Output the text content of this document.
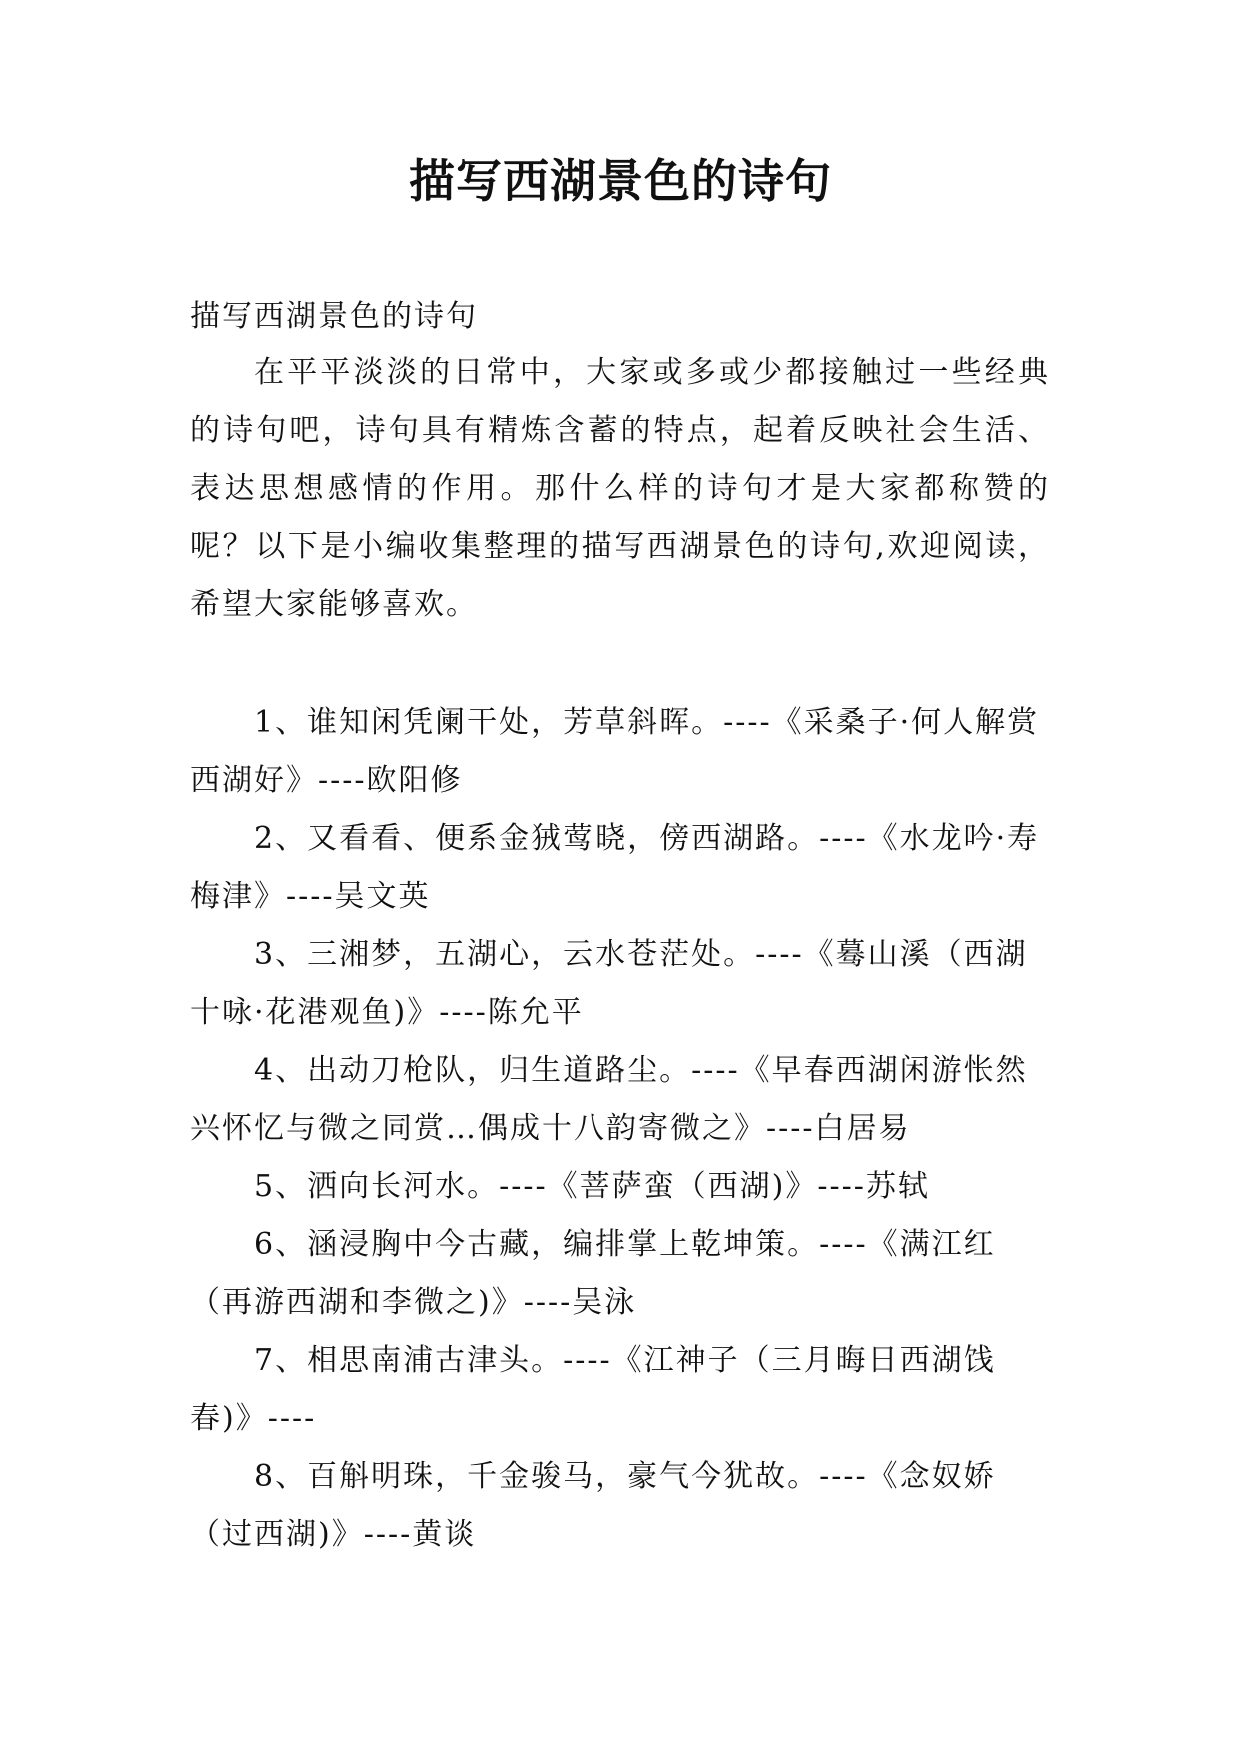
描写西湖景色的诗句

描写西湖景色的诗句

在平平淡淡的日常中，大家或多或少都接触过一些经典的诗句吧，诗句具有精炼含蓄的特点，起着反映社会生活、表达思想感情的作用。那什么样的诗句才是大家都称赞的呢？以下是小编收集整理的描写西湖景色的诗句,欢迎阅读，希望大家能够喜欢。

1、谁知闲凭阑干处，芳草斜晖。----《采桑子·何人解赏西湖好》----欧阳修
2、又看看、便系金狨莺晓，傍西湖路。----《水龙吟·寿梅津》----吴文英
3、三湘梦，五湖心，云水苍茫处。----《蓦山溪（西湖十咏·花港观鱼)》----陈允平
4、出动刀枪队，归生道路尘。----《早春西湖闲游怅然兴怀忆与微之同赏…偶成十八韵寄微之》----白居易
5、洒向长河水。----《菩萨蛮（西湖)》----苏轼
6、涵浸胸中今古藏，编排掌上乾坤策。----《满江红（再游西湖和李微之)》----吴泳
7、相思南浦古津头。----《江神子（三月晦日西湖饯春)》----
8、百斛明珠，千金骏马，豪气今犹故。----《念奴娇（过西湖)》----黄谈
